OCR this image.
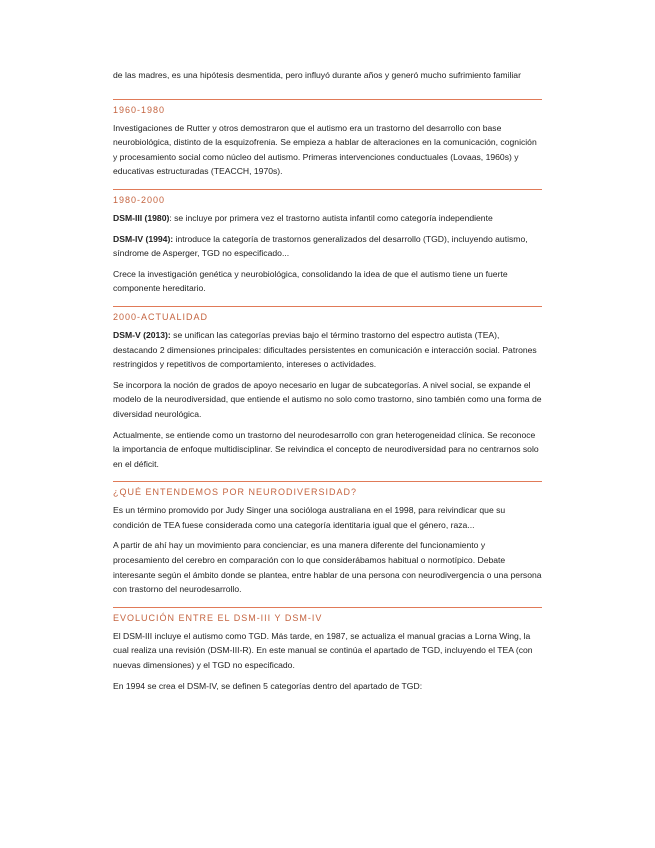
de las madres, es una hipótesis desmentida, pero influyó durante años y generó mucho sufrimiento familiar

1960-1980

Investigaciones de Rutter y otros demostraron que el autismo era un trastorno del desarrollo con base neurobiológica, distinto de la esquizofrenia. Se empieza a hablar de alteraciones en la comunicación, cognición y procesamiento social como núcleo del autismo. Primeras intervenciones conductuales (Lovaas, 1960s) y educativas estructuradas (TEACCH, 1970s).

1980-2000

DSM-III (1980): se incluye por primera vez el trastorno autista infantil como categoría independiente

DSM-IV (1994): introduce la categoría de trastornos generalizados del desarrollo (TGD), incluyendo autismo, síndrome de Asperger, TGD no especificado...

Crece la investigación genética y neurobiológica, consolidando la idea de que el autismo tiene un fuerte componente hereditario.

2000-ACTUALIDAD

DSM-V (2013): se unifican las categorías previas bajo el término trastorno del espectro autista (TEA), destacando 2 dimensiones principales: dificultades persistentes en comunicación e interacción social. Patrones restringidos y repetitivos de comportamiento, intereses o actividades.

Se incorpora la noción de grados de apoyo necesario en lugar de subcategorías. A nivel social, se expande el modelo de la neurodiversidad, que entiende el autismo no solo como trastorno, sino también como una forma de diversidad neurológica.

Actualmente, se entiende como un trastorno del neurodesarrollo con gran heterogeneidad clínica. Se reconoce la importancia de enfoque multidisciplinar. Se reivindica el concepto de neurodiversidad para no centrarnos solo en el déficit.

¿QUÉ ENTENDEMOS POR NEURODIVERSIDAD?

Es un término promovido por Judy Singer una socióloga australiana en el 1998, para reivindicar que su condición de TEA fuese considerada como una categoría identitaria igual que el género, raza...

A partir de ahí hay un movimiento para concienciar, es una manera diferente del funcionamiento y procesamiento del cerebro en comparación con lo que considerábamos habitual o normotípico. Debate interesante según el ámbito donde se plantea, entre hablar de una persona con neurodivergencia o una persona con trastorno del neurodesarrollo.

EVOLUCIÓN ENTRE EL DSM-III Y DSM-IV

El DSM-III incluye el autismo como TGD. Más tarde, en 1987, se actualiza el manual gracias a Lorna Wing, la cual realiza una revisión (DSM-III-R). En este manual se continúa el apartado de TGD, incluyendo el TEA (con nuevas dimensiones) y el TGD no especificado.

En 1994 se crea el DSM-IV, se definen 5 categorías dentro del apartado de TGD:
